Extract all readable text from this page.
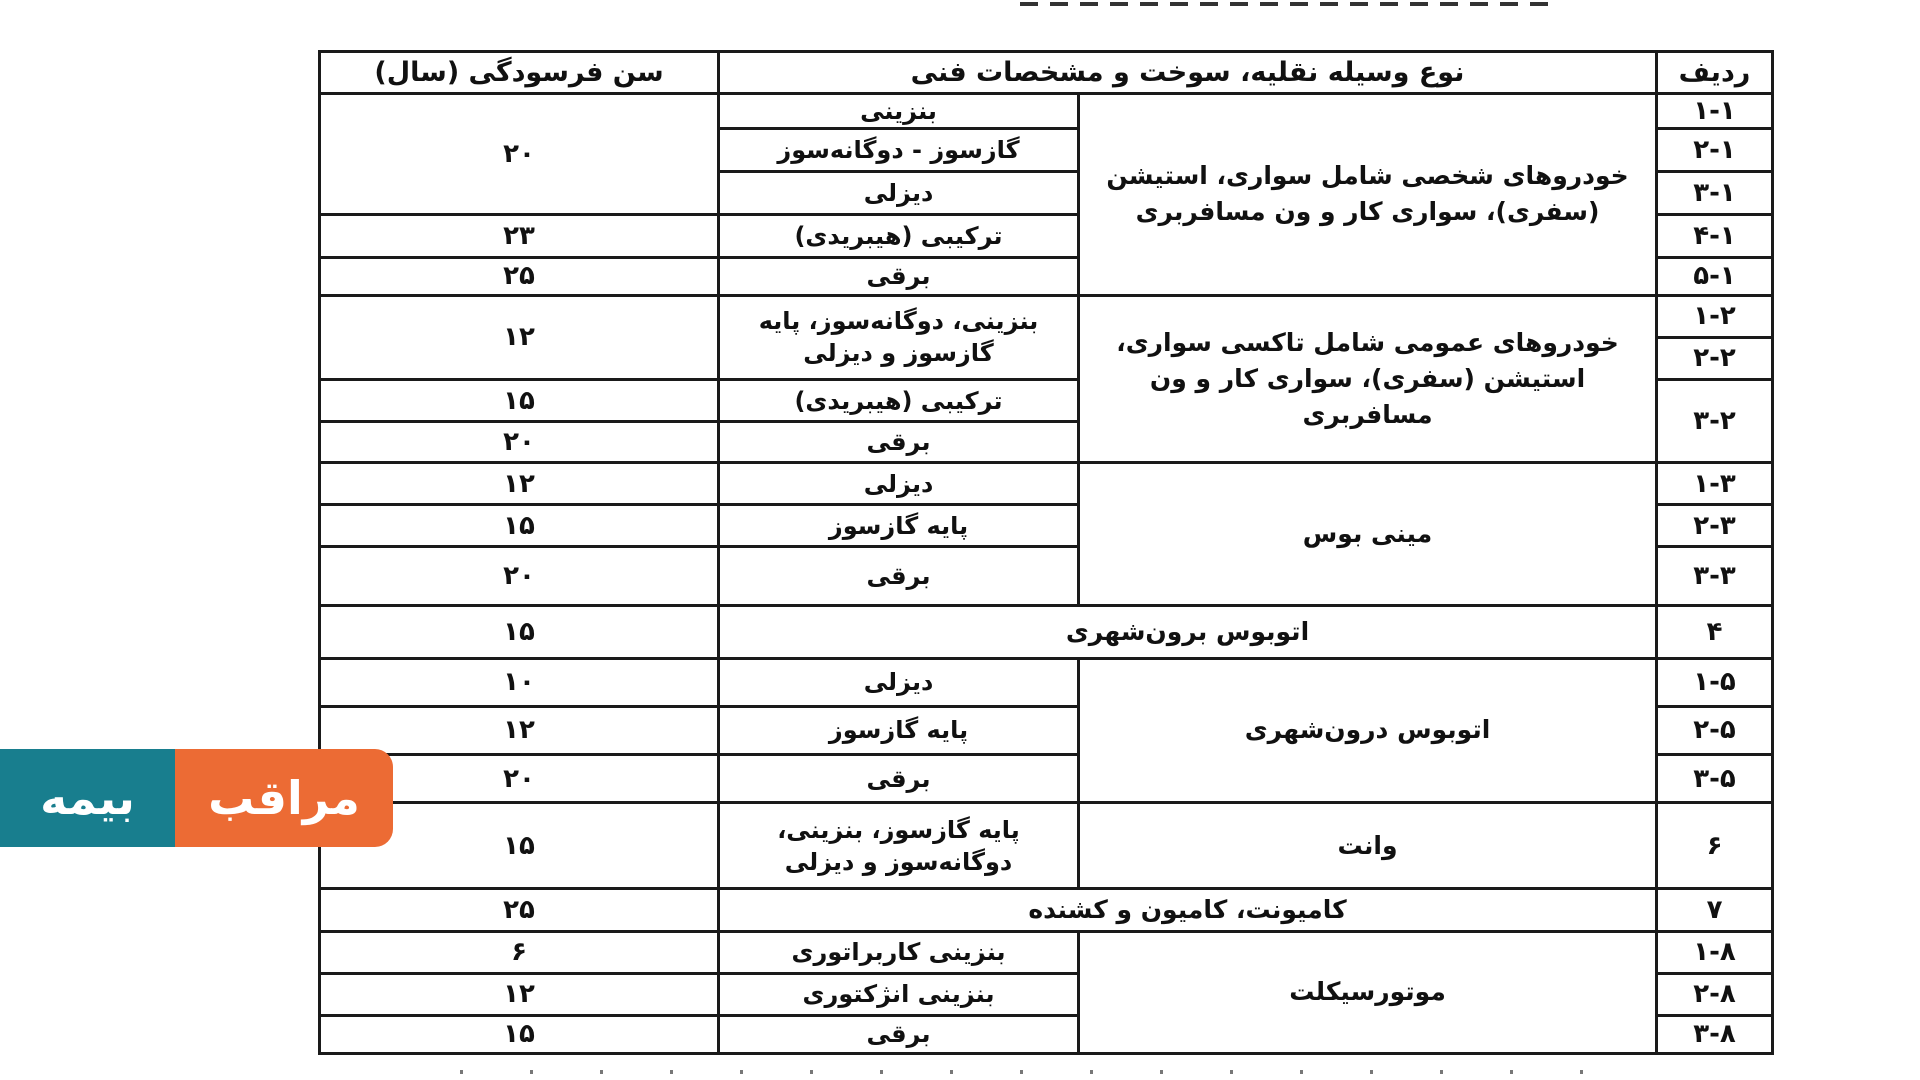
ردیف	نوع وسیله نقلیه، سوخت و مشخصات فنی		سن فرسودگی (سال)
۱-۱	خودروهای شخصی شامل سواری، استیشن (سفری)، سواری کار و ون مسافربری	بنزینی	۲۰
۲-۱		گازسوز - دوگانه‌سوز	
۳-۱		دیزلی	
۴-۱		ترکیبی (هیبریدی)	۲۳
۵-۱		برقی	۲۵
۱-۲	خودروهای عمومی شامل تاکسی سواری، استیشن (سفری)، سواری کار و ون مسافربری	بنزینی، دوگانه‌سوز، پایه گازسوز و دیزلی	۱۲
۲-۲			
۳-۲		ترکیبی (هیبریدی)	۱۵
		برقی	۲۰
۱-۳	مینی بوس	دیزلی	۱۲
۲-۳		پایه گازسوز	۱۵
۳-۳		برقی	۲۰
۴	اتوبوس برون‌شهری		۱۵
۱-۵	اتوبوس درون‌شهری	دیزلی	۱۰
۲-۵		پایه گازسوز	۱۲
۳-۵		برقی	۲۰
۶	وانت	پایه گازسوز، بنزینی، دوگانه‌سوز و دیزلی	۱۵
۷	کامیونت، کامیون و کشنده		۲۵
۱-۸	موتورسیکلت	بنزینی کاربراتوری	۶
۲-۸		بنزینی انژکتوری	۱۲
۳-۸		برقی	۱۵
مراقب
بیمه
